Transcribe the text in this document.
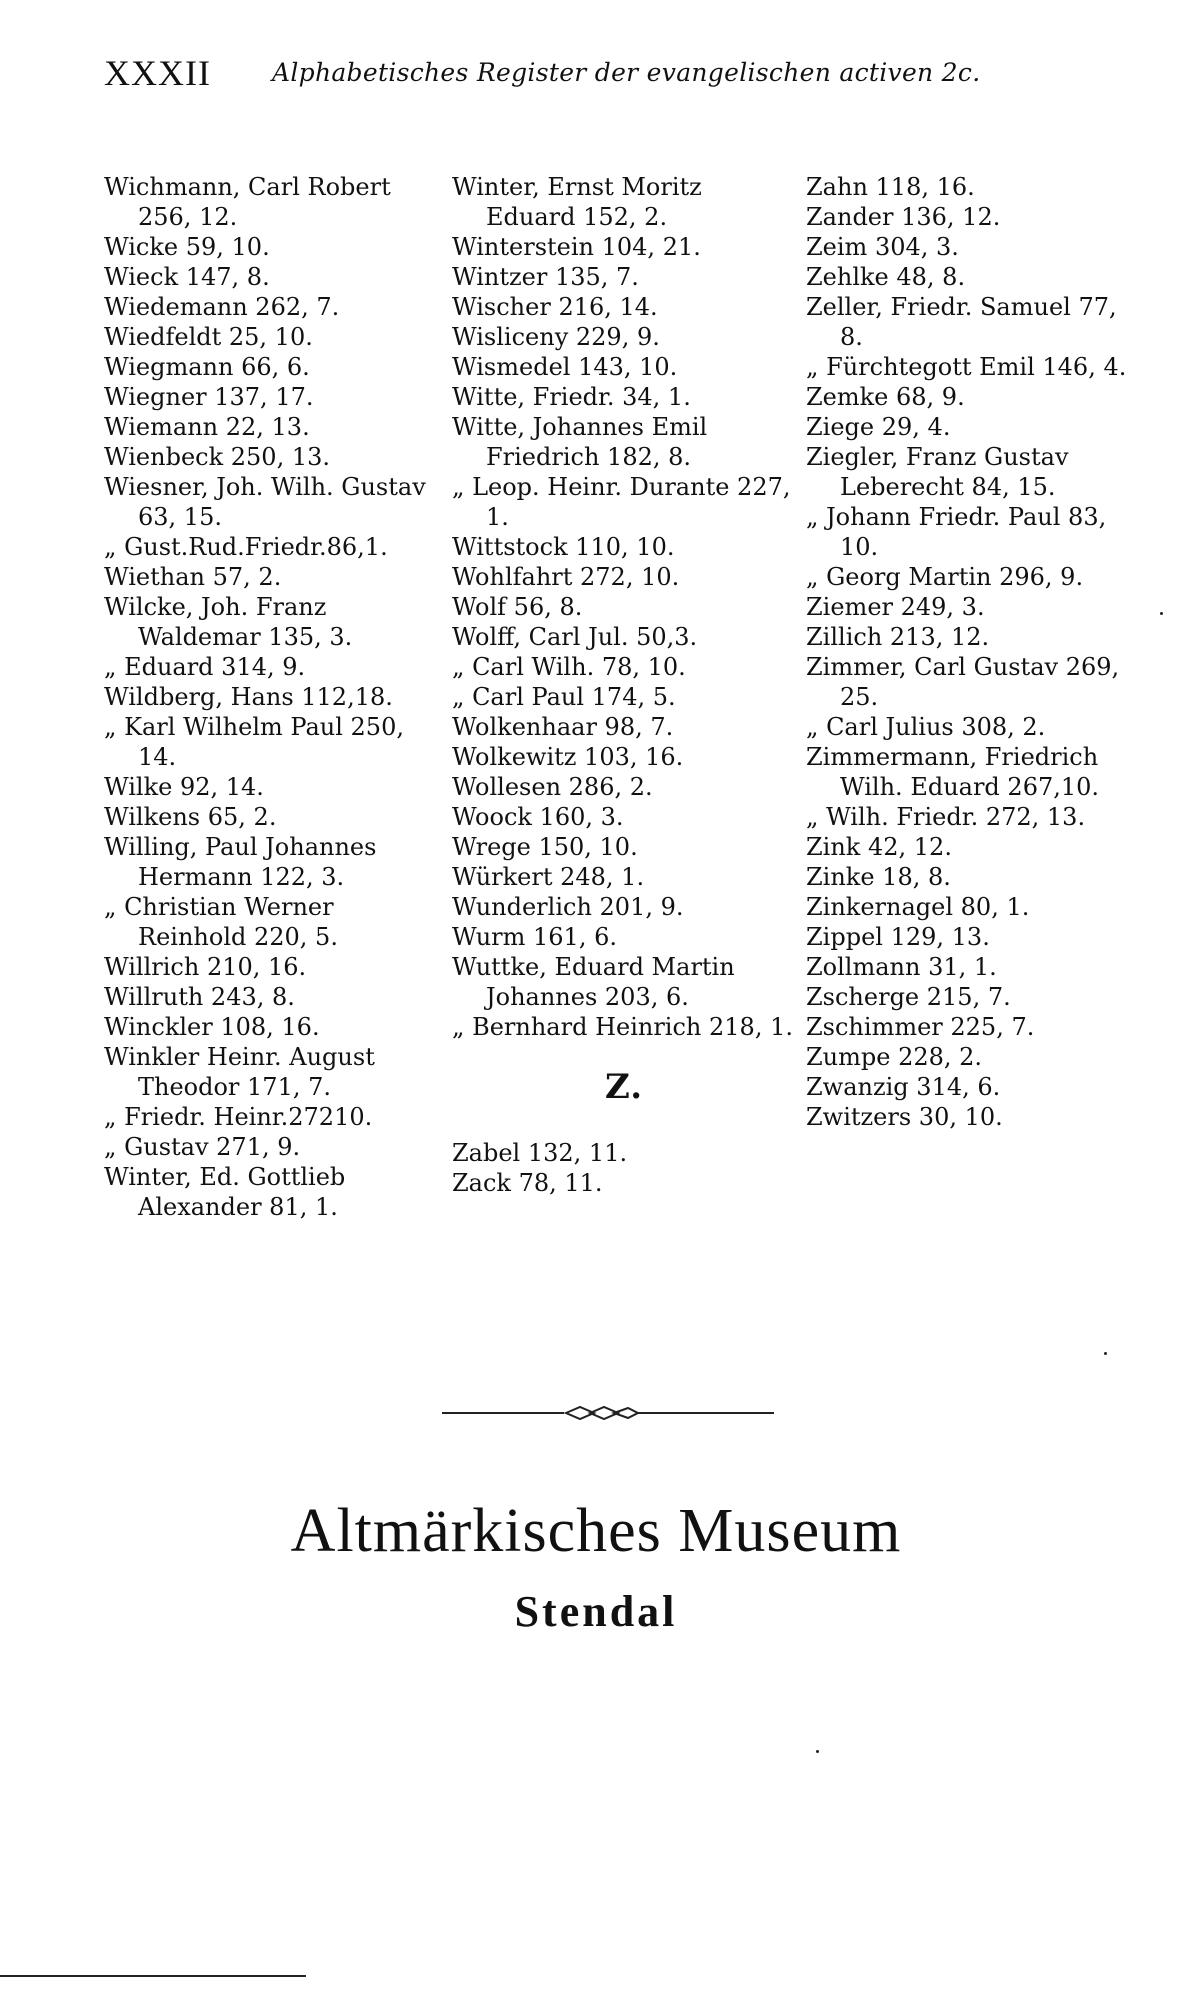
XXXII Alphabetisches Register der evangelischen activen 2c.
Wichmann, Carl Robert 256, 12.
Wicke 59, 10.
Wieck 147, 8.
Wiedemann 262, 7.
Wiedfeldt 25, 10.
Wiegmann 66, 6.
Wiegner 137, 17.
Wiemann 22, 13.
Wienbeck 250, 13.
Wiesner, Joh. Wilh. Gustav 63, 15.
„ Gust.Rud.Friedr.86,1.
Wiethan 57, 2.
Wilcke, Joh. Franz Waldemar 135, 3.
„ Eduard 314, 9.
Wildberg, Hans 112,18.
„ Karl Wilhelm Paul 250, 14.
Wilke 92, 14.
Wilkens 65, 2.
Willing, Paul Johannes Hermann 122, 3.
„ Christian Werner Reinhold 220, 5.
Willrich 210, 16.
Willruth 243, 8.
Winckler 108, 16.
Winkler Heinr. August Theodor 171, 7.
„ Friedr. Heinr.27210.
„ Gustav 271, 9.
Winter, Ed. Gottlieb Alexander 81, 1.
Winter, Ernst Moritz Eduard 152, 2.
Winterstein 104, 21.
Wintzer 135, 7.
Wischer 216, 14.
Wisliceny 229, 9.
Wismedel 143, 10.
Witte, Friedr. 34, 1.
Witte, Johannes Emil Friedrich 182, 8.
„ Leop. Heinr. Durante 227, 1.
Wittstock 110, 10.
Wohlfahrt 272, 10.
Wolf 56, 8.
Wolff, Carl Jul. 50,3.
„ Carl Wilh. 78, 10.
„ Carl Paul 174, 5.
Wolkenhaar 98, 7.
Wolkewitz 103, 16.
Wollesen 286, 2.
Woock 160, 3.
Wrege 150, 10.
Würkert 248, 1.
Wunderlich 201, 9.
Wurm 161, 6.
Wuttke, Eduard Martin Johannes 203, 6.
„ Bernhard Heinrich 218, 1.
Z.
Zabel 132, 11.
Zack 78, 11.
Zahn 118, 16.
Zander 136, 12.
Zeim 304, 3.
Zehlke 48, 8.
Zeller, Friedr. Samuel 77, 8.
„ Fürchtegott Emil 146, 4.
Zemke 68, 9.
Ziege 29, 4.
Ziegler, Franz Gustav Leberecht 84, 15.
„ Johann Friedr. Paul 83, 10.
„ Georg Martin 296, 9.
Ziemer 249, 3.
Zillich 213, 12.
Zimmer, Carl Gustav 269, 25.
„ Carl Julius 308, 2.
Zimmermann, Friedrich Wilh. Eduard 267,10.
„ Wilh. Friedr. 272, 13.
Zink 42, 12.
Zinke 18, 8.
Zinkernagel 80, 1.
Zippel 129, 13.
Zollmann 31, 1.
Zscherge 215, 7.
Zschimmer 225, 7.
Zumpe 228, 2.
Zwanzig 314, 6.
Zwitzers 30, 10.
Altmärkisches Museum
Stendal
